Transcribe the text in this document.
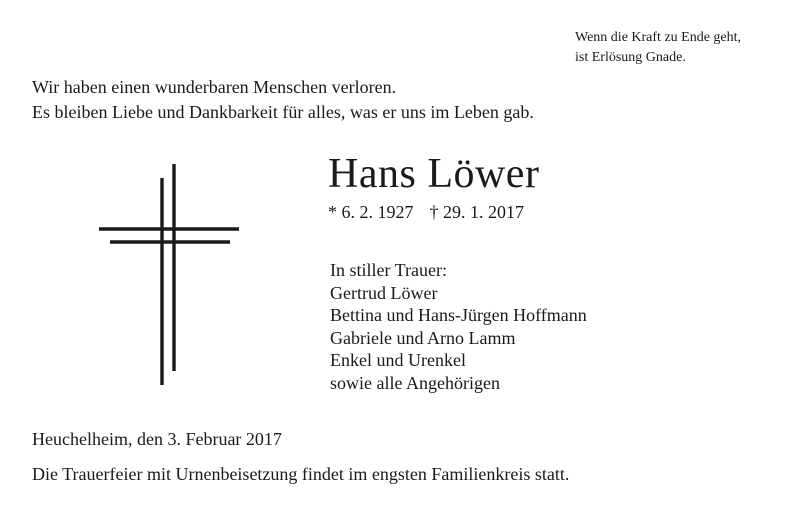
Wenn die Kraft zu Ende geht,
ist Erlösung Gnade.
Wir haben einen wunderbaren Menschen verloren.
Es bleiben Liebe und Dankbarkeit für alles, was er uns im Leben gab.
Hans Löwer
* 6. 2. 1927 † 29. 1. 2017
In stiller Trauer:
Gertrud Löwer
Bettina und Hans-Jürgen Hoffmann
Gabriele und Arno Lamm
Enkel und Urenkel
sowie alle Angehörigen
Heuchelheim, den 3. Februar 2017
Die Trauerfeier mit Urnenbeisetzung findet im engsten Familienkreis statt.
